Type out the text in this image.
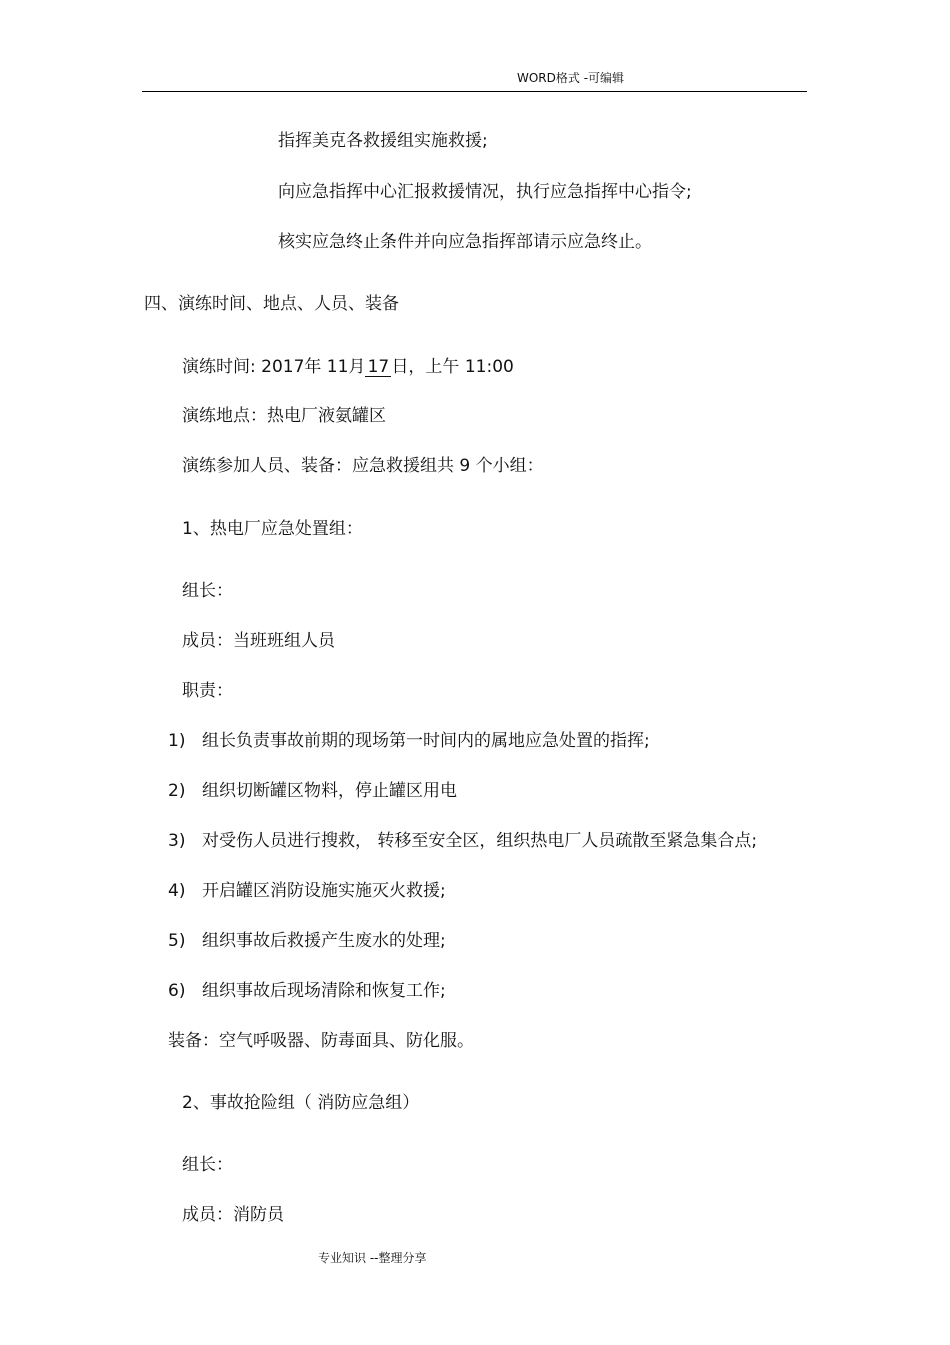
WORD格式 -可编辑
指挥美克各救援组实施救援;
向应急指挥中心汇报救援情况，执行应急指挥中心指令;
核实应急终止条件并向应急指挥部请示应急终止。
四、演练时间、地点、人员、装备
演练时间: 2017年 11月 17 日，上午 11:00
演练地点：热电厂液氨罐区
演练参加人员、装备：应急救援组共 9 个小组：
1、热电厂应急处置组：
组长：
成员：当班班组人员
职责：
1) 组长负责事故前期的现场第一时间内的属地应急处置的指挥;
2) 组织切断罐区物料，停止罐区用电
3) 对受伤人员进行搜救， 转移至安全区，组织热电厂人员疏散至紧急集合点;
4) 开启罐区消防设施实施灭火救援;
5) 组织事故后救援产生废水的处理;
6) 组织事故后现场清除和恢复工作;
装备：空气呼吸器、防毒面具、防化服。
2、事故抢险组（ 消防应急组）
组长：
成员：消防员
专业知识 --整理分享
